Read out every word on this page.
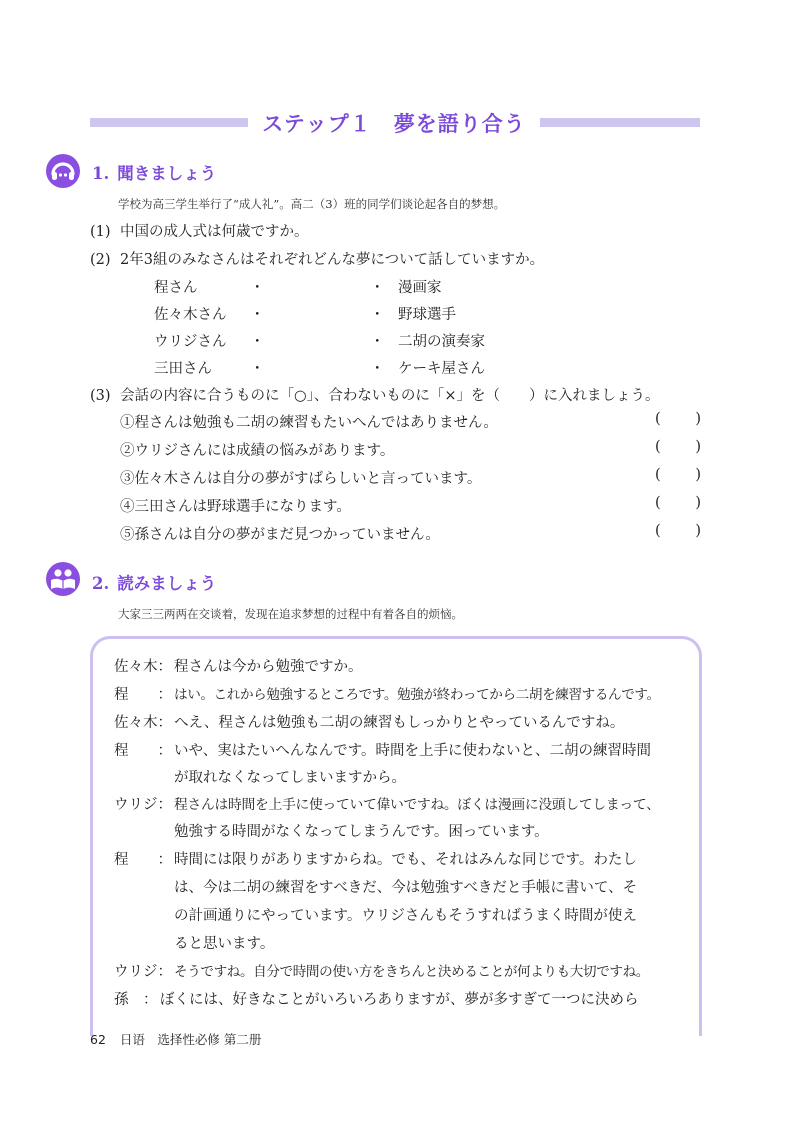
ステップ１　夢を語り合う
1. 聞きましょう
学校为高三学生举行了“成人礼”。高二（3）班的同学们谈论起各自的梦想。
(1) 中国の成人式は何歳ですか。
(2) 2年3組のみなさんはそれぞれどんな夢について話していますか。
程さん
佐々木さん
ウリジさん
三田さん
・
・
・
・
・
・
・
・
漫画家
野球選手
二胡の演奏家
ケーキ屋さん
(3) 会話の内容に合うものに「○」、合わないものに「×」を（　　）に入れましょう。
①程さんは勉強も二胡の練習もたいへんではありません。
②ウリジさんには成績の悩みがあります。
③佐々木さんは自分の夢がすばらしいと言っています。
④三田さんは野球選手になります。
⑤孫さんは自分の夢がまだ見つかっていません。
( )
( )
( )
( )
( )
2. 読みましょう
大家三三两两在交谈着，发现在追求梦想的过程中有着各自的烦恼。
佐々木： 程さんは今から勉強ですか。
程　　： はい。これから勉強するところです。勉強が終わってから二胡を練習するんです。
佐々木： へえ、程さんは勉強も二胡の練習もしっかりとやっているんですね。
程　　： いや、実はたいへんなんです。時間を上手に使わないと、二胡の練習時間
が取れなくなってしまいますから。
ウリジ： 程さんは時間を上手に使っていて偉いですね。ぼくは漫画に没頭してしまって、
勉強する時間がなくなってしまうんです。困っています。
程　　： 時間には限りがありますからね。でも、それはみんな同じです。わたし
は、今は二胡の練習をすべきだ、今は勉強すべきだと手帳に書いて、そ
の計画通りにやっています。ウリジさんもそうすればうまく時間が使え
ると思います。
ウリジ： そうですね。自分で時間の使い方をきちんと決めることが何よりも大切ですね。
孫　： ぼくには、好きなことがいろいろありますが、夢が多すぎて一つに決めら
62 日语　选择性必修 第二册
